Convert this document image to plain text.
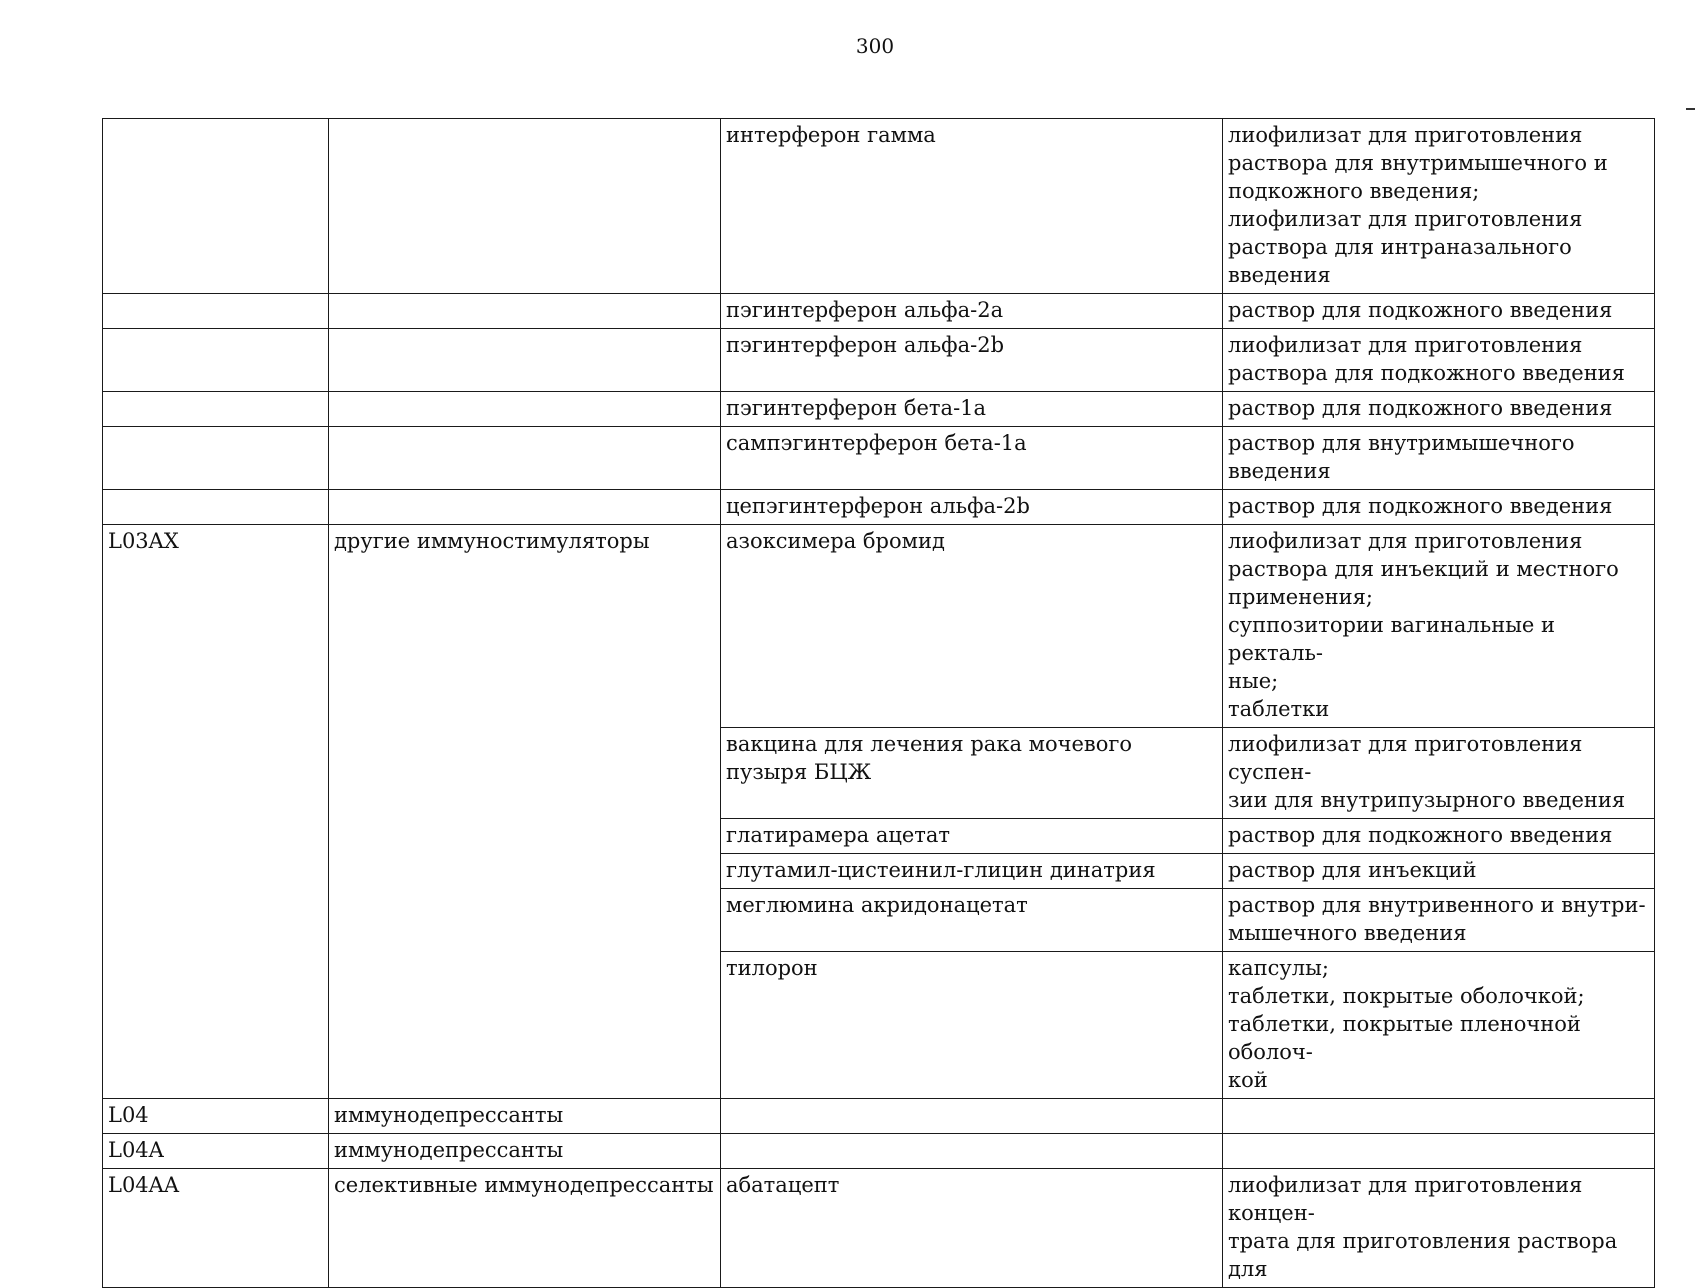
300
		интерферон гамма	лиофилизат для приготовления раствора для внутримышечного и подкожного введения;
лиофилизат для приготовления раствора для интраназального введения
		пэгинтерферон альфа-2а	раствор для подкожного введения
		пэгинтерферон альфа-2b	лиофилизат для приготовления раствора для подкожного введения
		пэгинтерферон бета-1а	раствор для подкожного введения
		сампэгинтерферон бета-1а	раствор для внутримышечного введения
		цепэгинтерферон альфа-2b	раствор для подкожного введения
L03AX	другие иммуностимуляторы	азоксимера бромид	лиофилизат для приготовления раствора для инъекций и местного применения;
суппозитории вагинальные и ректаль-
ные;
таблетки
		вакцина для лечения рака мочевого пузыря БЦЖ	лиофилизат для приготовления суспен-
зии для внутрипузырного введения
		глатирамера ацетат	раствор для подкожного введения
		глутамил-цистеинил-глицин динатрия	раствор для инъекций
		меглюмина акридонацетат	раствор для внутривенного и внутри-
мышечного введения
		тилорон	капсулы;
таблетки, покрытые оболочкой;
таблетки, покрытые пленочной оболоч-
кой
L04	иммунодепрессанты		
L04A	иммунодепрессанты		
L04AA	селективные иммунодепрессанты	абатацепт	лиофилизат для приготовления концен-
трата для приготовления раствора для
